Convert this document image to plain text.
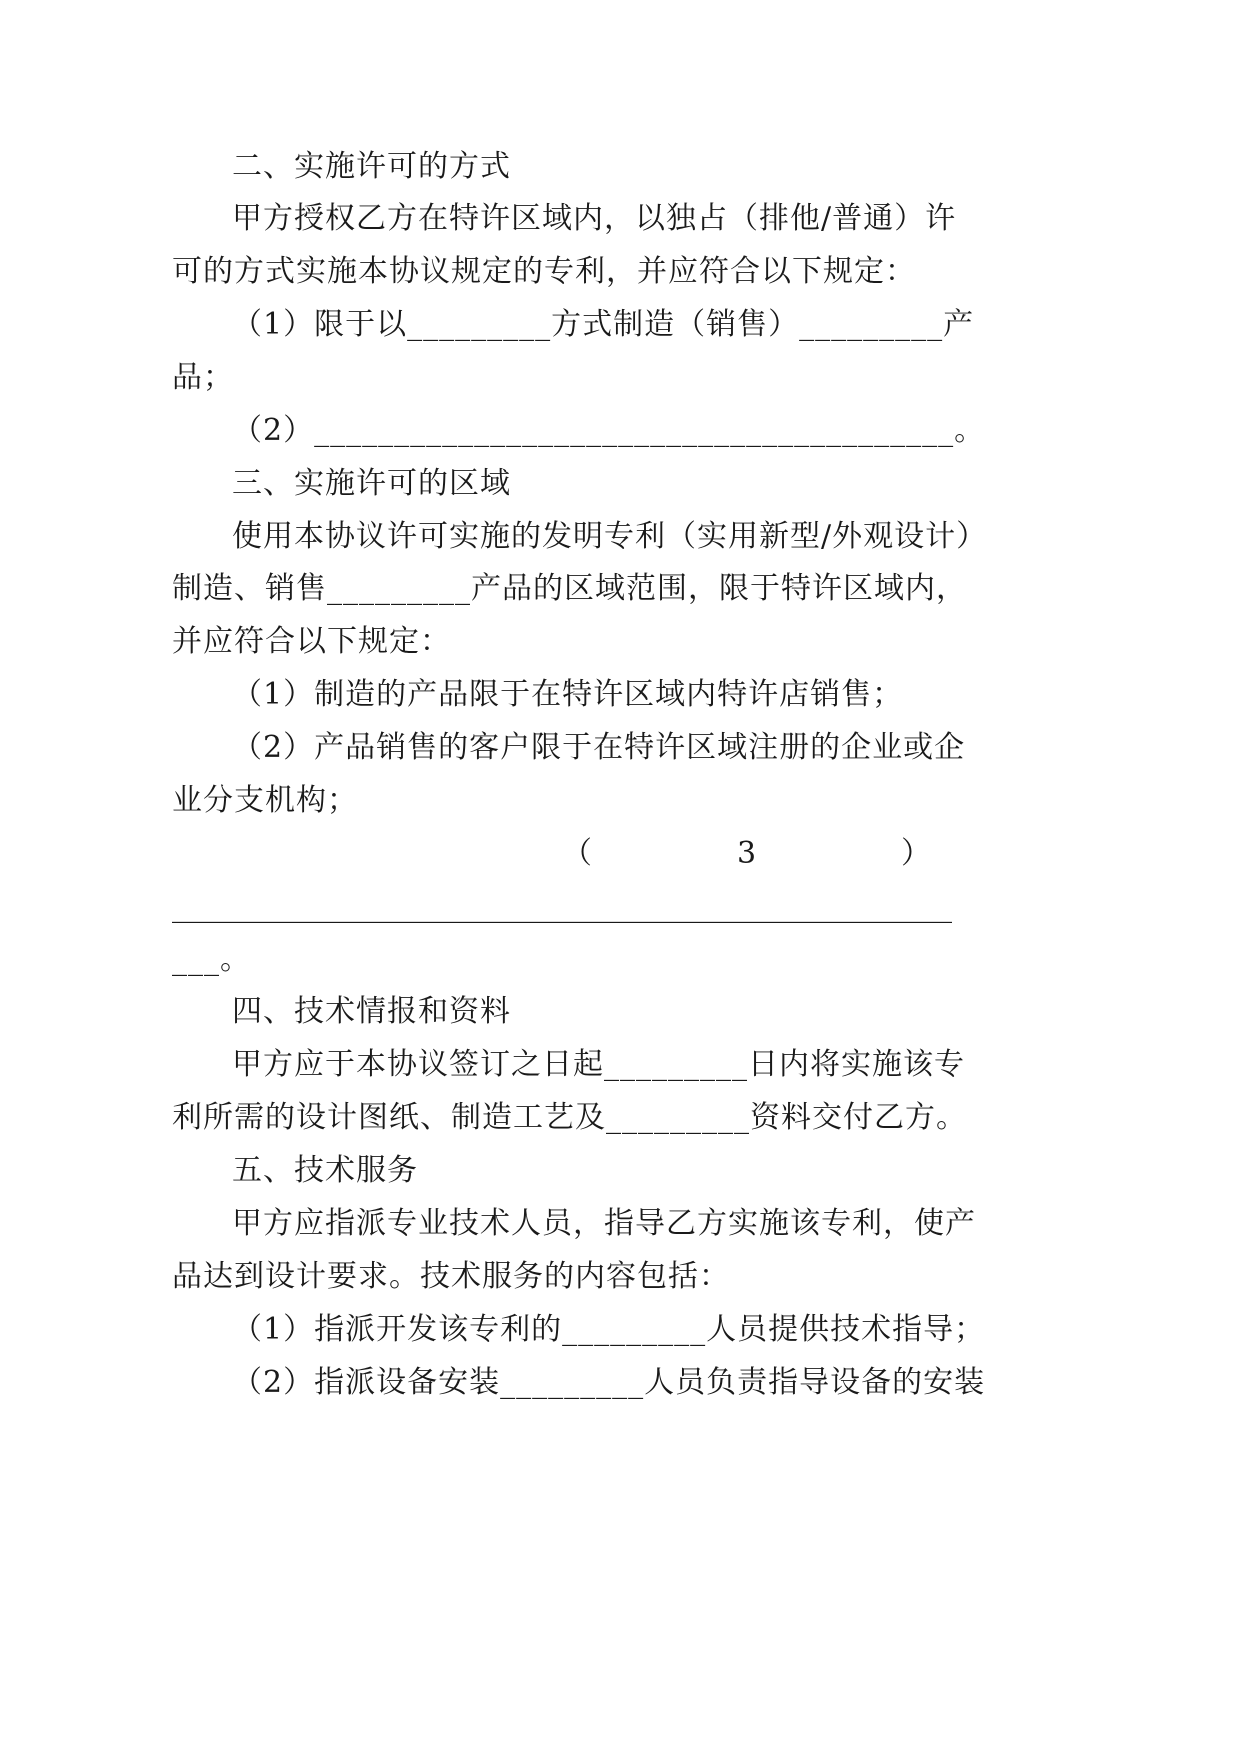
二、实施许可的方式
甲方授权乙方在特许区域内，以独占（排他/普通）许
可的方式实施本协议规定的专利，并应符合以下规定：
（1）限于以_________方式制造（销售）_________产
品；
（2）________________________________________。
三、实施许可的区域
使用本协议许可实施的发明专利（实用新型/外观设计）
制造、销售_________产品的区域范围，限于特许区域内，
并应符合以下规定：
（1）制造的产品限于在特许区域内特许店销售；
（2）产品销售的客户限于在特许区域注册的企业或企
业分支机构；
（	3	）
____________________________________________________
___。
四、技术情报和资料
甲方应于本协议签订之日起_________日内将实施该专
利所需的设计图纸、制造工艺及_________资料交付乙方。
五、技术服务
甲方应指派专业技术人员，指导乙方实施该专利，使产
品达到设计要求。技术服务的内容包括：
（1）指派开发该专利的_________人员提供技术指导；
（2）指派设备安装_________人员负责指导设备的安装
